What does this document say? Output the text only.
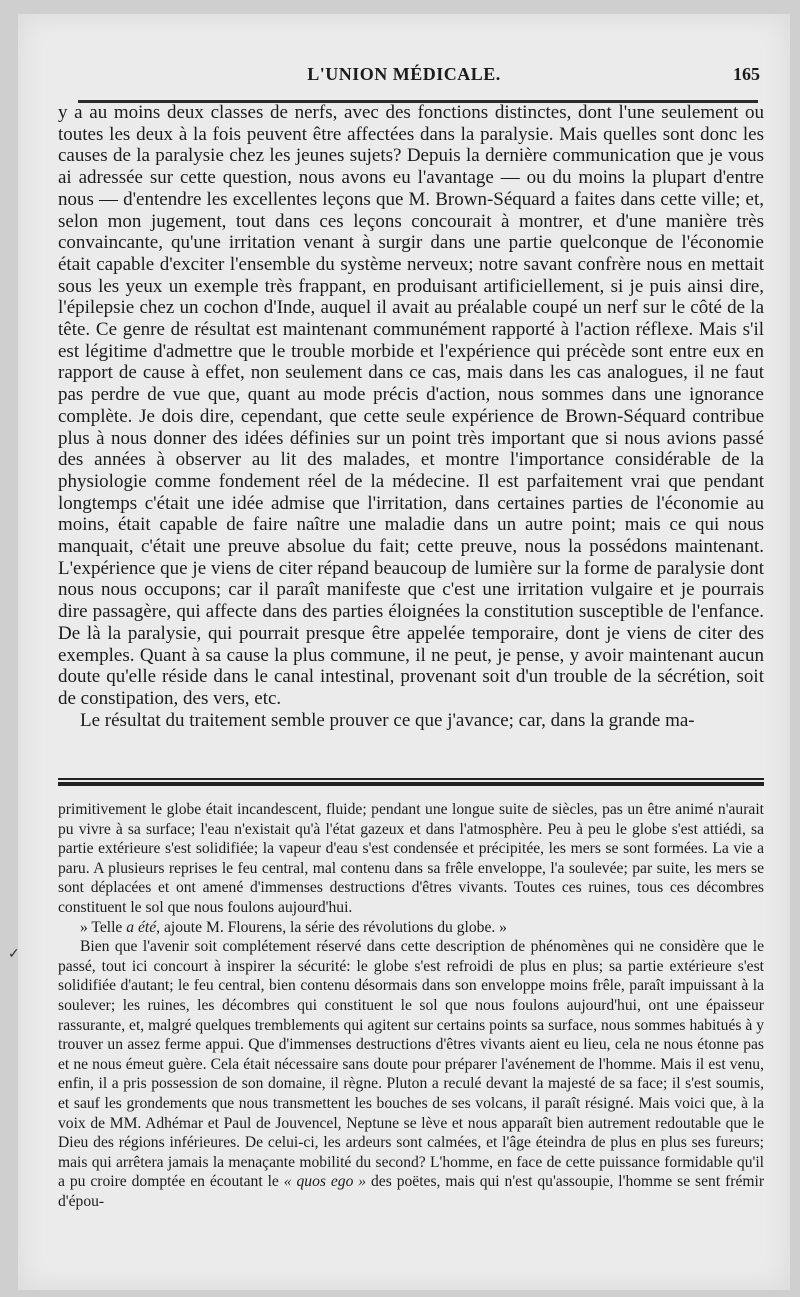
L'UNION MÉDICALE.	165

y a au moins deux classes de nerfs, avec des fonctions distinctes, dont l'une seulement ou toutes les deux à la fois peuvent être affectées dans la paralysie. Mais quelles sont donc les causes de la paralysie chez les jeunes sujets? Depuis la dernière communication que je vous ai adressée sur cette question, nous avons eu l'avantage — ou du moins la plupart d'entre nous — d'entendre les excellentes leçons que M. Brown-Séquard a faites dans cette ville; et, selon mon jugement, tout dans ces leçons concourait à montrer, et d'une manière très convaincante, qu'une irritation venant à surgir dans une partie quelconque de l'économie était capable d'exciter l'ensemble du système nerveux; notre savant confrère nous en mettait sous les yeux un exemple très frappant, en produisant artificiellement, si je puis ainsi dire, l'épilepsie chez un cochon d'Inde, auquel il avait au préalable coupé un nerf sur le côté de la tête. Ce genre de résultat est maintenant communément rapporté à l'action réflexe. Mais s'il est légitime d'admettre que le trouble morbide et l'expérience qui précède sont entre eux en rapport de cause à effet, non seulement dans ce cas, mais dans les cas analogues, il ne faut pas perdre de vue que, quant au mode précis d'action, nous sommes dans une ignorance complète. Je dois dire, cependant, que cette seule expérience de Brown-Séquard contribue plus à nous donner des idées définies sur un point très important que si nous avions passé des années à observer au lit des malades, et montre l'importance considérable de la physiologie comme fondement réel de la médecine. Il est parfaitement vrai que pendant longtemps c'était une idée admise que l'irritation, dans certaines parties de l'économie au moins, était capable de faire naître une maladie dans un autre point; mais ce qui nous manquait, c'était une preuve absolue du fait; cette preuve, nous la possédons maintenant. L'expérience que je viens de citer répand beaucoup de lumière sur la forme de paralysie dont nous nous occupons; car il paraît manifeste que c'est une irritation vulgaire et je pourrais dire passagère, qui affecte dans des parties éloignées la constitution susceptible de l'enfance. De là la paralysie, qui pourrait presque être appelée temporaire, dont je viens de citer des exemples. Quant à sa cause la plus commune, il ne peut, je pense, y avoir maintenant aucun doute qu'elle réside dans le canal intestinal, provenant soit d'un trouble de la sécrétion, soit de constipation, des vers, etc.

Le résultat du traitement semble prouver ce que j'avance; car, dans la grande ma-

primitivement le globe était incandescent, fluide; pendant une longue suite de siècles, pas un être animé n'aurait pu vivre à sa surface; l'eau n'existait qu'à l'état gazeux et dans l'atmosphère. Peu à peu le globe s'est attiédi, sa partie extérieure s'est solidifiée; la vapeur d'eau s'est condensée et précipitée, les mers se sont formées. La vie a paru. A plusieurs reprises le feu central, mal contenu dans sa frêle enveloppe, l'a soulevée; par suite, les mers se sont déplacées et ont amené d'immenses destructions d'êtres vivants. Toutes ces ruines, tous ces décombres constituent le sol que nous foulons aujourd'hui.

» Telle a été, ajoute M. Flourens, la série des révolutions du globe. »

Bien que l'avenir soit complétement réservé dans cette description de phénomènes qui ne considère que le passé, tout ici concourt à inspirer la sécurité: le globe s'est refroidi de plus en plus; sa partie extérieure s'est solidifiée d'autant; le feu central, bien contenu désormais dans son enveloppe moins frêle, paraît impuissant à la soulever; les ruines, les décombres qui constituent le sol que nous foulons aujourd'hui, ont une épaisseur rassurante, et, malgré quelques tremblements qui agitent sur certains points sa surface, nous sommes habitués à y trouver un assez ferme appui. Que d'immenses destructions d'êtres vivants aient eu lieu, cela ne nous étonne pas et ne nous émeut guère. Cela était nécessaire sans doute pour préparer l'avénement de l'homme. Mais il est venu, enfin, il a pris possession de son domaine, il règne. Pluton a reculé devant la majesté de sa face; il s'est soumis, et sauf les grondements que nous transmettent les bouches de ses volcans, il paraît résigné. Mais voici que, à la voix de MM. Adhémar et Paul de Jouvencel, Neptune se lève et nous apparaît bien autrement redoutable que le Dieu des régions inférieures. De celui-ci, les ardeurs sont calmées, et l'âge éteindra de plus en plus ses fureurs; mais qui arrêtera jamais la menaçante mobilité du second? L'homme, en face de cette puissance formidable qu'il a pu croire domptée en écoutant le « quos ego » des poëtes, mais qui n'est qu'assoupie, l'homme se sent frémir d'épou-

✓
